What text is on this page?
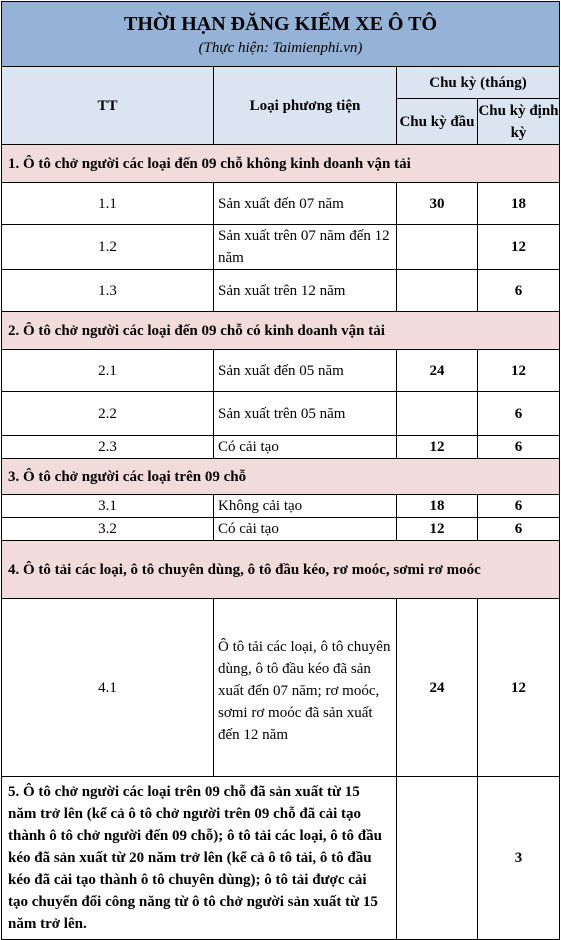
THỜI HẠN ĐĂNG KIỂM XE Ô TÔ
(Thực hiện: Taimienphi.vn)			

TT	Loại phương tiện	Chu kỳ (tháng)	
		Chu kỳ đầu	Chu kỳ định kỳ
1. Ô tô chở người các loại đến 09 chỗ không kinh doanh vận tải			
1.1	Sản xuất đến 07 năm	30	18
1.2	Sản xuất trên 07 năm đến 12 năm		12
1.3	Sản xuất trên 12 năm		6
2. Ô tô chở người các loại đến 09 chỗ có kinh doanh vận tải			
2.1	Sản xuất đến 05 năm	24	12
2.2	Sản xuất trên 05 năm		6
2.3	Có cải tạo	12	6
3. Ô tô chở người các loại trên 09 chỗ			
3.1	Không cải tạo	18	6
3.2	Có cải tạo	12	6
4. Ô tô tải các loại, ô tô chuyên dùng, ô tô đầu kéo, rơ moóc, sơmi rơ moóc			
4.1	Ô tô tải các loại, ô tô chuyên dùng, ô tô đầu kéo đã sản xuất đến 07 năm; rơ moóc, sơmi rơ moóc đã sản xuất đến 12 năm	24	12
5. Ô tô chở người các loại trên 09 chỗ đã sản xuất từ 15 năm trở lên (kể cả ô tô chở người trên 09 chỗ đã cải tạo thành ô tô chở người đến 09 chỗ); ô tô tải các loại, ô tô đầu kéo đã sản xuất từ 20 năm trở lên (kể cả ô tô tải, ô tô đầu kéo đã cải tạo thành ô tô chuyên dùng); ô tô tải được cải tạo chuyển đổi công năng từ ô tô chở người sản xuất từ 15 năm trở lên.			3
